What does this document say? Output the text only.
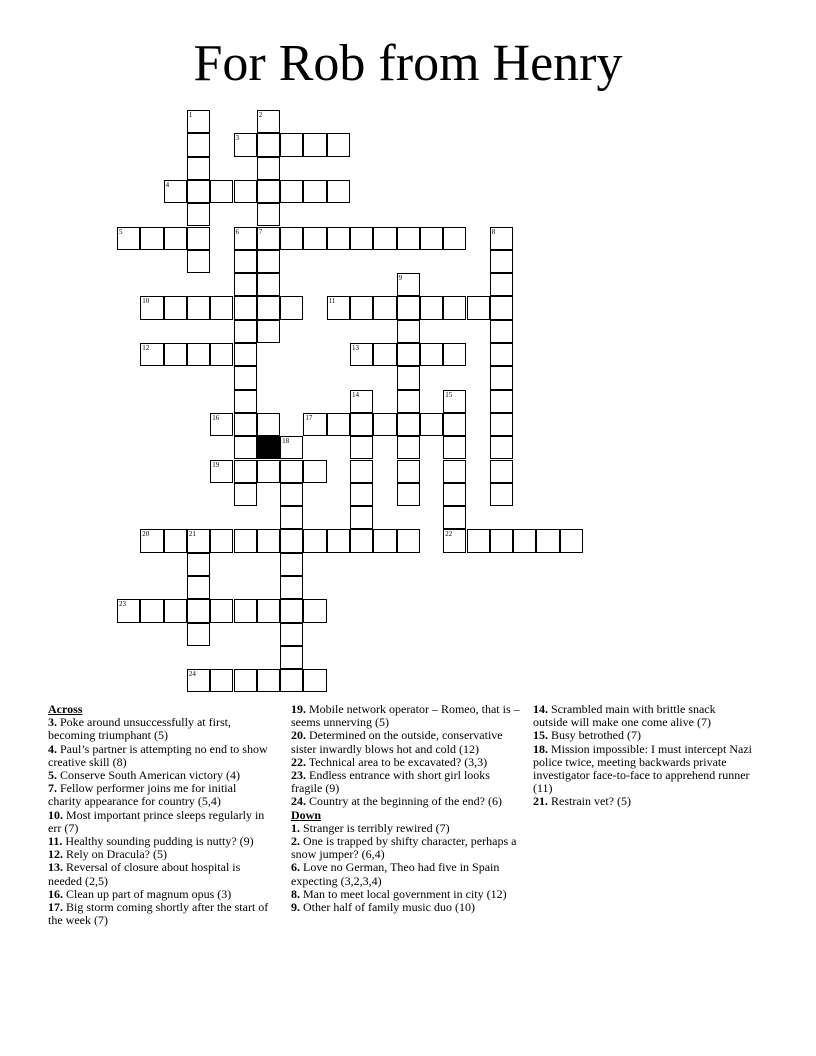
For Rob from Henry
1	2
3
4
5	6	7	8
9
10	11
12	13
14	15
16	17
18
19
20	21	22
23
24
Across
3. Poke around unsuccessfully at first, becoming triumphant (5)
4. Paul’s partner is attempting no end to show creative skill (8)
5. Conserve South American victory (4)
7. Fellow performer joins me for initial charity appearance for country (5,4)
10. Most important prince sleeps regularly in err (7)
11. Healthy sounding pudding is nutty? (9)
12. Rely on Dracula? (5)
13. Reversal of closure about hospital is needed (2,5)
16. Clean up part of magnum opus (3)
17. Big storm coming shortly after the start of the week (7)
19. Mobile network operator – Romeo, that is – seems unnerving (5)
20. Determined on the outside, conservative sister inwardly blows hot and cold (12)
22. Technical area to be excavated? (3,3)
23. Endless entrance with short girl looks fragile (9)
24. Country at the beginning of the end? (6)
Down
1. Stranger is terribly rewired (7)
2. One is trapped by shifty character, perhaps a snow jumper? (6,4)
6. Love no German, Theo had five in Spain expecting (3,2,3,4)
8. Man to meet local government in city (12)
9. Other half of family music duo (10)
14. Scrambled main with brittle snack outside will make one come alive (7)
15. Busy betrothed (7)
18. Mission impossible: I must intercept Nazi police twice, meeting backwards private investigator face-to-face to apprehend runner (11)
21. Restrain vet? (5)
